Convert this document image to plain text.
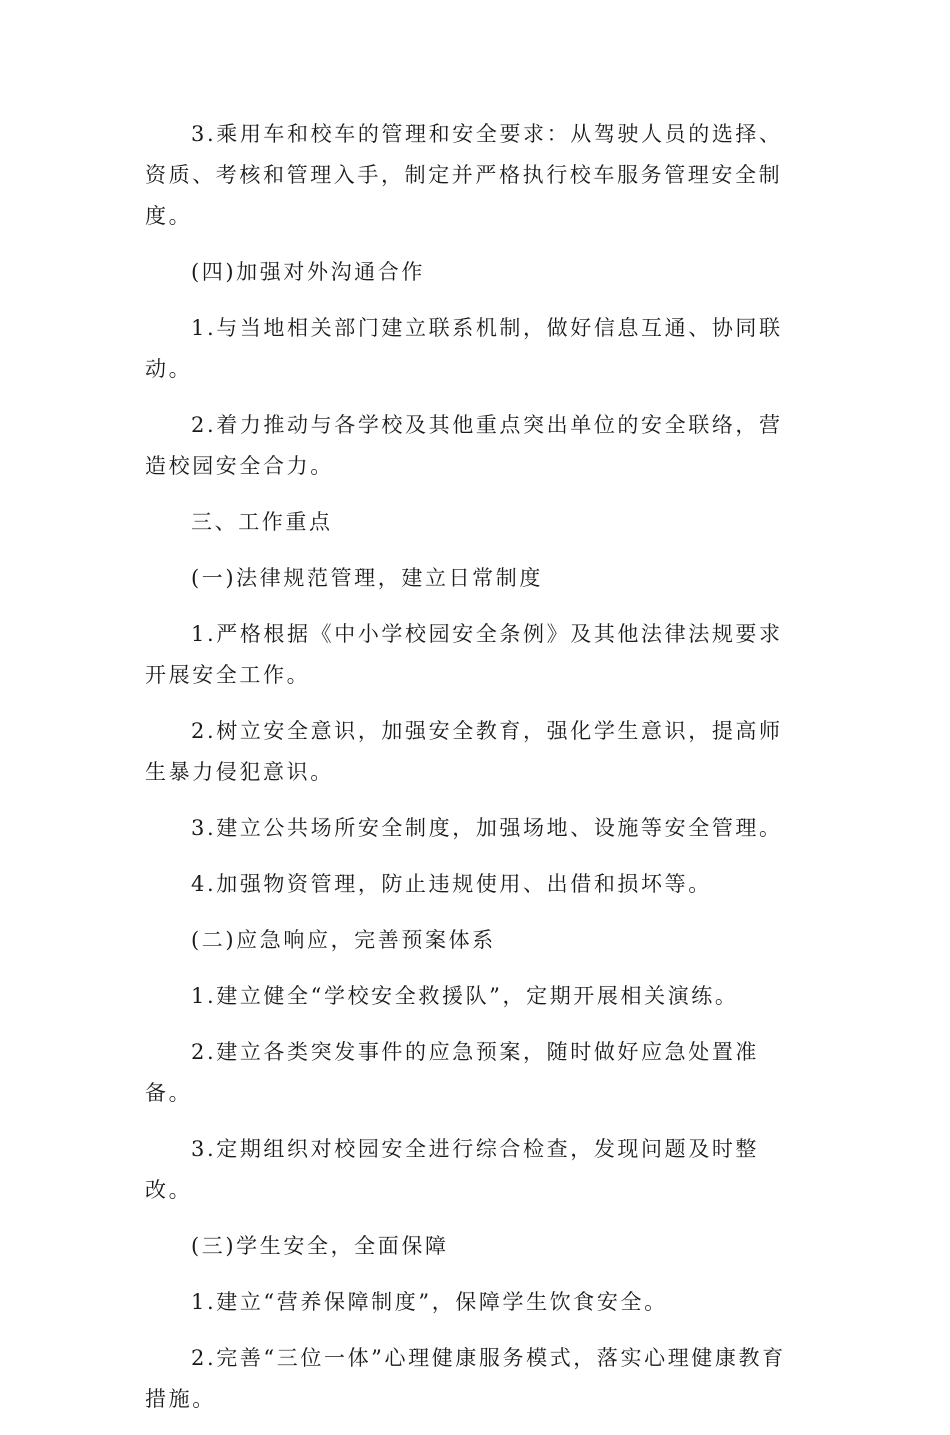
3.乘用车和校车的管理和安全要求：从驾驶人员的选择、资质、考核和管理入手，制定并严格执行校车服务管理安全制度。

(四)加强对外沟通合作

1.与当地相关部门建立联系机制，做好信息互通、协同联动。

2.着力推动与各学校及其他重点突出单位的安全联络，营造校园安全合力。

三、工作重点

(一)法律规范管理，建立日常制度

1.严格根据《中小学校园安全条例》及其他法律法规要求开展安全工作。

2.树立安全意识，加强安全教育，强化学生意识，提高师生暴力侵犯意识。

3.建立公共场所安全制度，加强场地、设施等安全管理。

4.加强物资管理，防止违规使用、出借和损坏等。

(二)应急响应，完善预案体系

1.建立健全“学校安全救援队”，定期开展相关演练。

2.建立各类突发事件的应急预案，随时做好应急处置准备。

3.定期组织对校园安全进行综合检查，发现问题及时整改。

(三)学生安全，全面保障

1.建立“营养保障制度”，保障学生饮食安全。

2.完善“三位一体”心理健康服务模式，落实心理健康教育措施。
